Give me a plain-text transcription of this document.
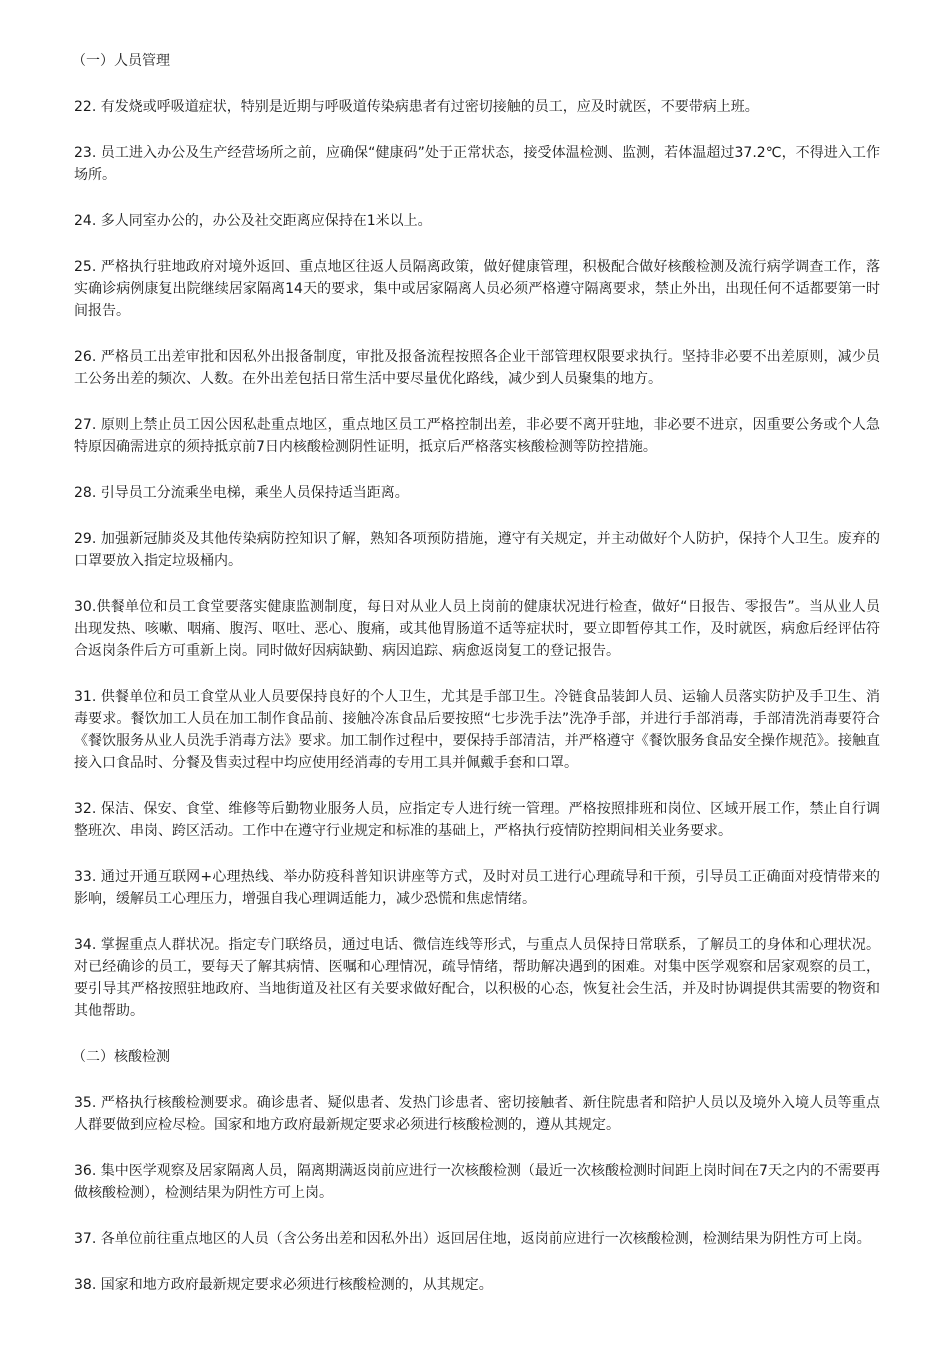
（一）人员管理

22. 有发烧或呼吸道症状，特别是近期与呼吸道传染病患者有过密切接触的员工，应及时就医，不要带病上班。

23. 员工进入办公及生产经营场所之前，应确保“健康码”处于正常状态，接受体温检测、监测，若体温超过37.2℃，不得进入工作场所。

24. 多人同室办公的，办公及社交距离应保持在1米以上。

25. 严格执行驻地政府对境外返回、重点地区往返人员隔离政策，做好健康管理，积极配合做好核酸检测及流行病学调查工作，落实确诊病例康复出院继续居家隔离14天的要求，集中或居家隔离人员必须严格遵守隔离要求，禁止外出，出现任何不适都要第一时间报告。

26. 严格员工出差审批和因私外出报备制度，审批及报备流程按照各企业干部管理权限要求执行。坚持非必要不出差原则，减少员工公务出差的频次、人数。在外出差包括日常生活中要尽量优化路线，减少到人员聚集的地方。

27. 原则上禁止员工因公因私赴重点地区，重点地区员工严格控制出差，非必要不离开驻地，非必要不进京，因重要公务或个人急特原因确需进京的须持抵京前7日内核酸检测阴性证明，抵京后严格落实核酸检测等防控措施。

28. 引导员工分流乘坐电梯，乘坐人员保持适当距离。

29. 加强新冠肺炎及其他传染病防控知识了解，熟知各项预防措施，遵守有关规定，并主动做好个人防护，保持个人卫生。废弃的口罩要放入指定垃圾桶内。

30.供餐单位和员工食堂要落实健康监测制度，每日对从业人员上岗前的健康状况进行检查，做好“日报告、零报告”。当从业人员出现发热、咳嗽、咽痛、腹泻、呕吐、恶心、腹痛，或其他胃肠道不适等症状时，要立即暂停其工作，及时就医，病愈后经评估符合返岗条件后方可重新上岗。同时做好因病缺勤、病因追踪、病愈返岗复工的登记报告。

31. 供餐单位和员工食堂从业人员要保持良好的个人卫生，尤其是手部卫生。冷链食品装卸人员、运输人员落实防护及手卫生、消毒要求。餐饮加工人员在加工制作食品前、接触冷冻食品后要按照“七步洗手法”洗净手部，并进行手部消毒，手部清洗消毒要符合《餐饮服务从业人员洗手消毒方法》要求。加工制作过程中，要保持手部清洁，并严格遵守《餐饮服务食品安全操作规范》。接触直接入口食品时、分餐及售卖过程中均应使用经消毒的专用工具并佩戴手套和口罩。

32. 保洁、保安、食堂、维修等后勤物业服务人员，应指定专人进行统一管理。严格按照排班和岗位、区域开展工作，禁止自行调整班次、串岗、跨区活动。工作中在遵守行业规定和标准的基础上，严格执行疫情防控期间相关业务要求。

33. 通过开通互联网+心理热线、举办防疫科普知识讲座等方式，及时对员工进行心理疏导和干预，引导员工正确面对疫情带来的影响，缓解员工心理压力，增强自我心理调适能力，减少恐慌和焦虑情绪。

34. 掌握重点人群状况。指定专门联络员，通过电话、微信连线等形式，与重点人员保持日常联系，了解员工的身体和心理状况。对已经确诊的员工，要每天了解其病情、医嘱和心理情况，疏导情绪，帮助解决遇到的困难。对集中医学观察和居家观察的员工，要引导其严格按照驻地政府、当地街道及社区有关要求做好配合，以积极的心态，恢复社会生活，并及时协调提供其需要的物资和其他帮助。

（二）核酸检测

35. 严格执行核酸检测要求。确诊患者、疑似患者、发热门诊患者、密切接触者、新住院患者和陪护人员以及境外入境人员等重点人群要做到应检尽检。国家和地方政府最新规定要求必须进行核酸检测的，遵从其规定。

36. 集中医学观察及居家隔离人员，隔离期满返岗前应进行一次核酸检测（最近一次核酸检测时间距上岗时间在7天之内的不需要再做核酸检测），检测结果为阴性方可上岗。

37. 各单位前往重点地区的人员（含公务出差和因私外出）返回居住地，返岗前应进行一次核酸检测，检测结果为阴性方可上岗。

38. 国家和地方政府最新规定要求必须进行核酸检测的，从其规定。
